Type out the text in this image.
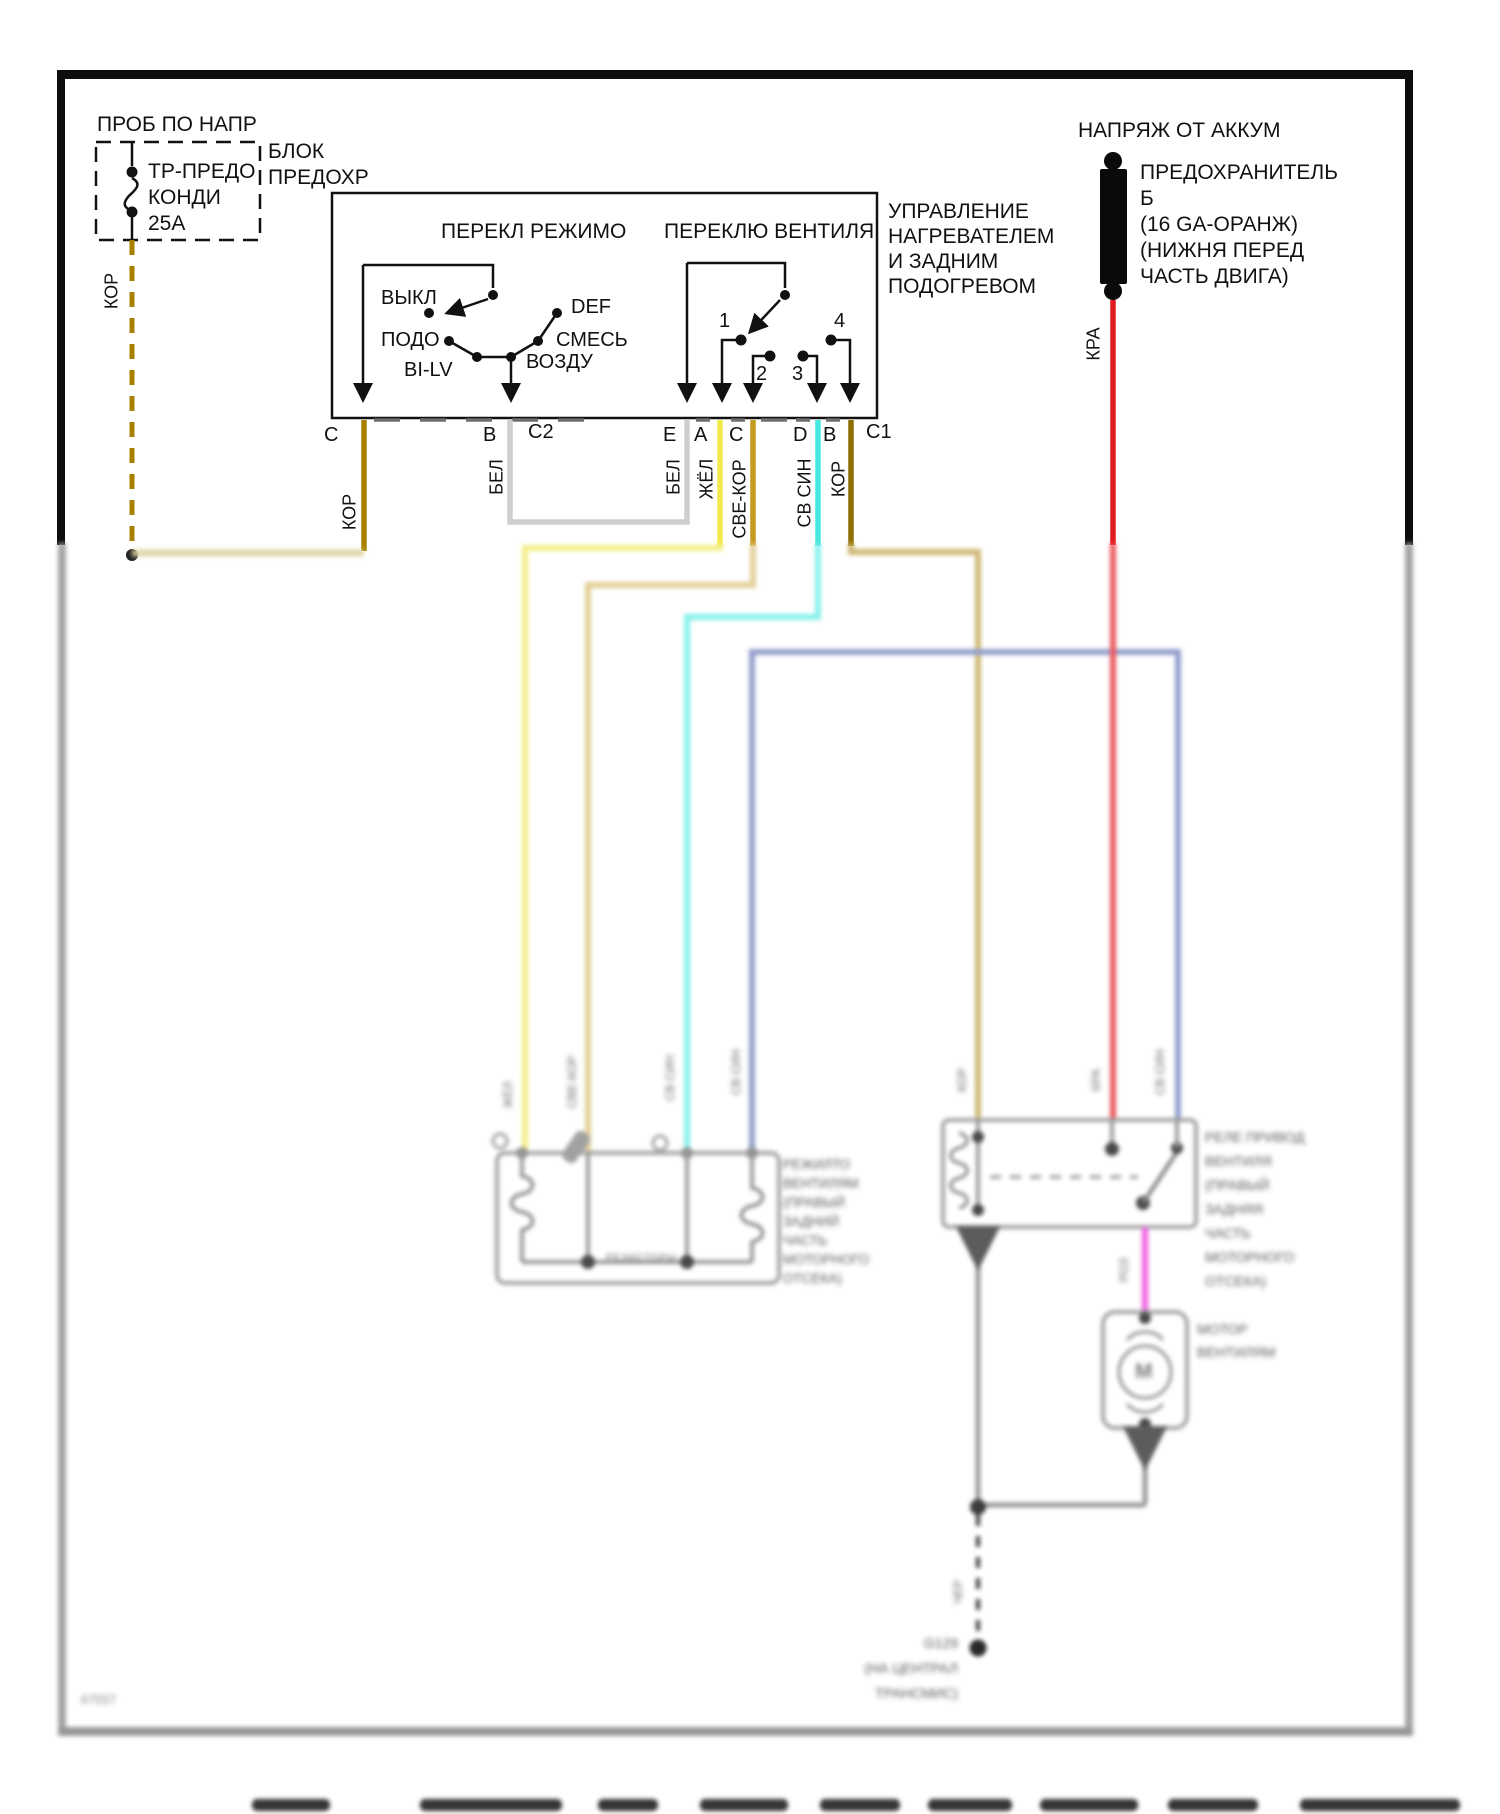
ПРОБ ПО НАПР
БЛОК
ПРЕДОХР
ТР-ПРЕДО
КОНДИ
25А
КОР
ПЕРЕКЛ РЕЖИМО ПЕРЕКЛЮ ВЕНТИЛЯ
УПРАВЛЕНИЕ
НАГРЕВАТЕЛЕМ
И ЗАДНИМ
ПОДОГРЕВОМ
ВЫКЛ
ПОДО
BI-LV
DEF
СМЕСЬ
ВОЗДУ
1
2 3
4
C	B C2	E A C D B C1
КОР
БЕЛ	БЕЛ ЖЁЛ СВЕ-КОР	СВ СИН КОР
НАПРЯЖ ОТ АККУМ
ПРЕДОХРАНИТЕЛЬ
Б
(16 GA-ОРАНЖ)
(НИЖНЯ ПЕРЕД
ЧАСТЬ ДВИГА)
КРА
ЖЁЛ	СВЕ-КОР	СВ СИН	СВ СИН	КОР	КРА	СВ СИН
РОЗ
ЧЕР
РЕЖИЛТО
ВЕНТИЛЯМ
(ПРАВЫЙ
ЗАДНИЙ
ЧАСТЬ
МОТОРНОГО
ОТСЕКА)
РЕЗИСТОРЫ
РЕЛЕ ПРИВОД
ВЕНТИЛЯ
(ПРАВЫЙ
ЗАДНЯЯ
ЧАСТЬ
МОТОРНОГО
ОТСЕКА)
M
МОТОР
ВЕНТИЛЯМ
G129
(НА ЦЕНТРАЛ
ТРАНСМИС)
47557
